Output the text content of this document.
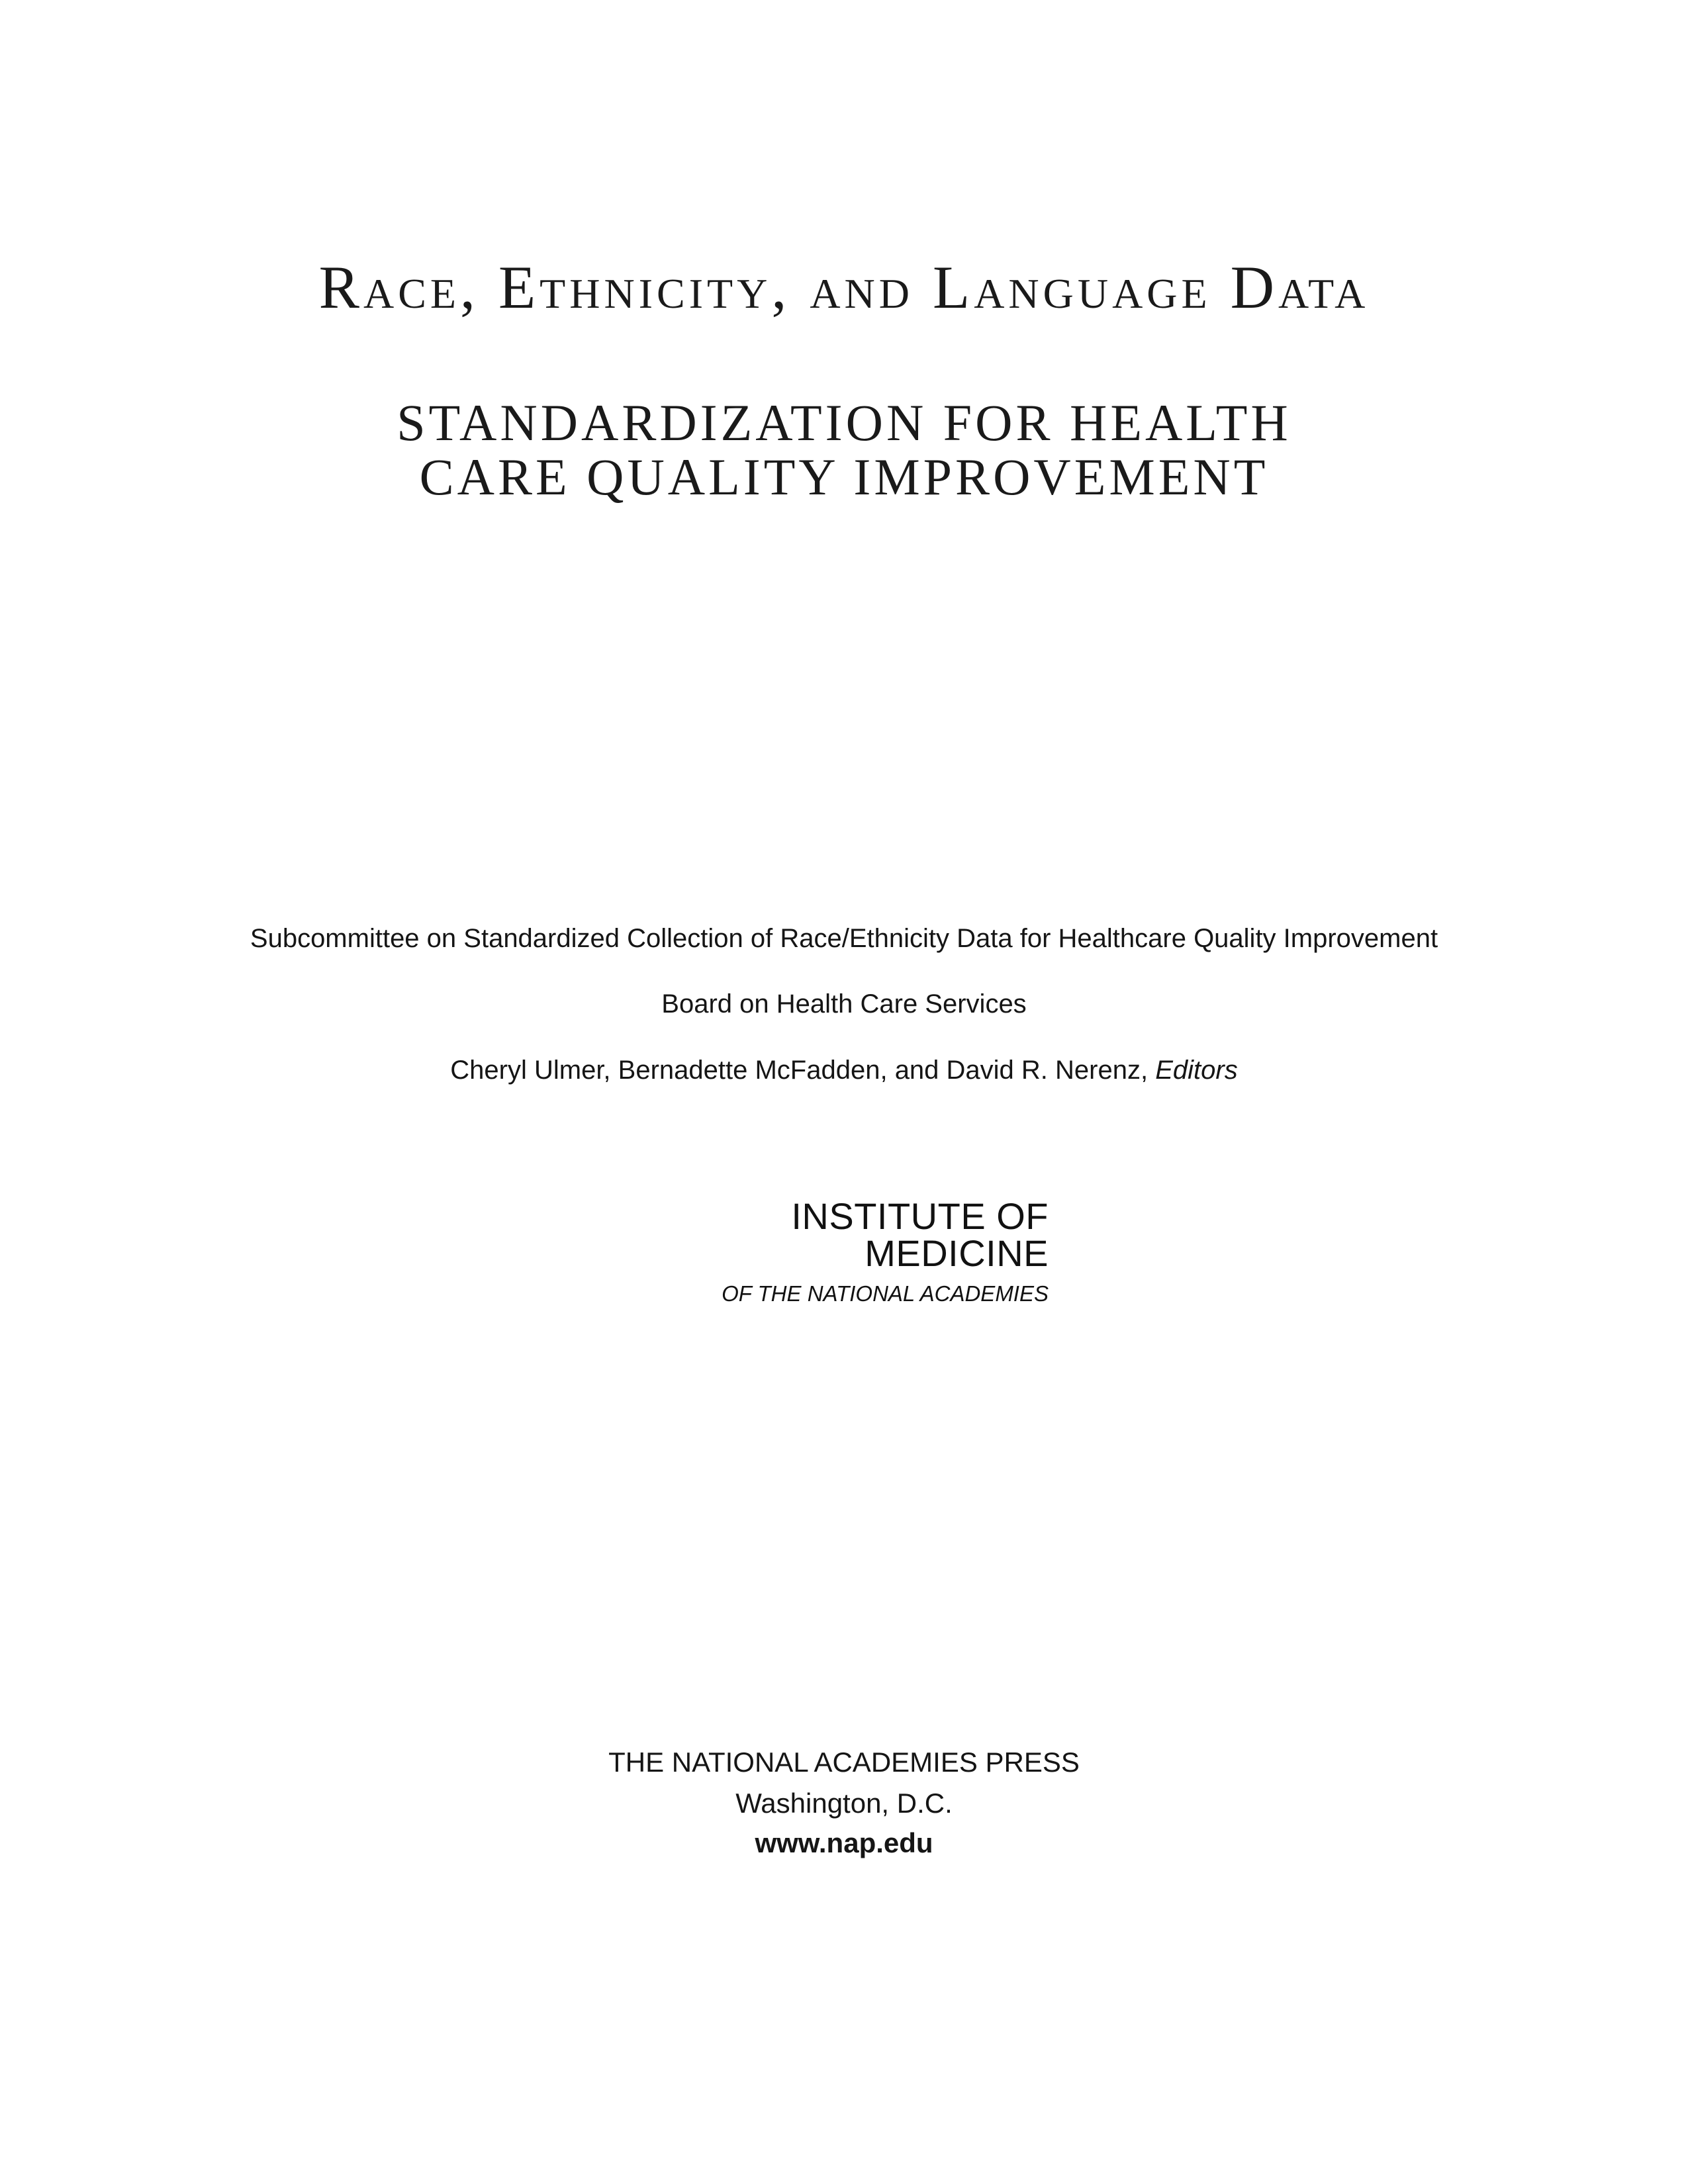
Race, Ethnicity, and Language Data
STANDARDIZATION FOR HEALTH
CARE QUALITY IMPROVEMENT
Subcommittee on Standardized Collection of Race/Ethnicity Data for Healthcare Quality Improvement
Board on Health Care Services
Cheryl Ulmer, Bernadette McFadden, and David R. Nerenz, Editors
INSTITUTE OF MEDICINE
OF THE NATIONAL ACADEMIES
THE NATIONAL ACADEMIES PRESS
Washington, D.C.
www.nap.edu
